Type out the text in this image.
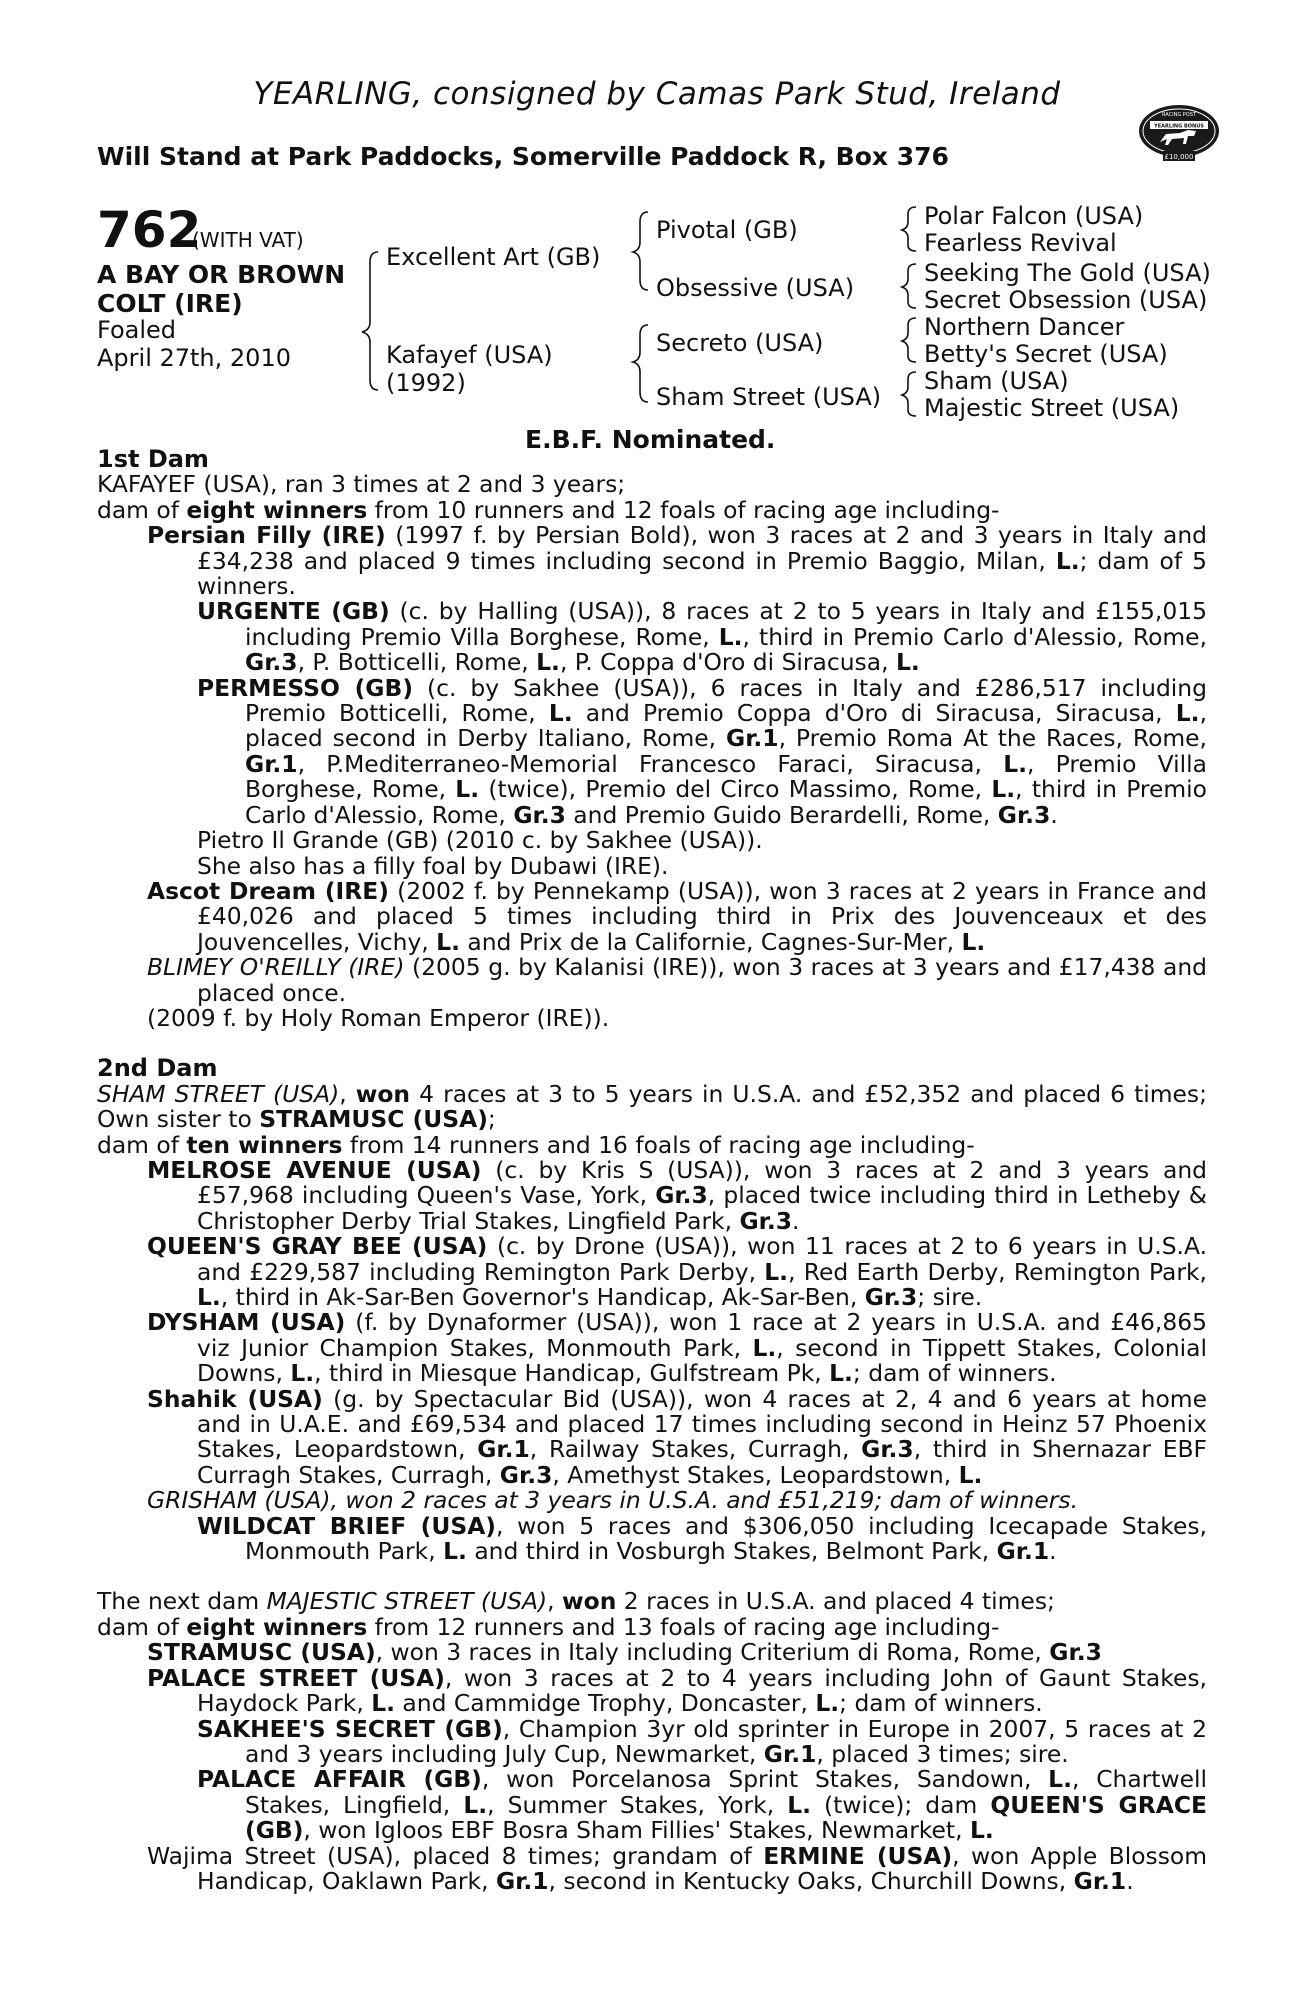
YEARLING, consigned by Camas Park Stud, Ireland
Will Stand at Park Paddocks, Somerville Paddock R, Box 376
RACING POST
YEARLING BONUS
£10,000
762
(WITH VAT)
A BAY OR BROWN COLT (IRE)
Foaled
April 27th, 2010
Excellent Art (GB)
Kafayef (USA)
(1992)
Pivotal (GB)
Obsessive (USA)
Secreto (USA)
Sham Street (USA)
Polar Falcon (USA)
Fearless Revival
Seeking The Gold (USA)
Secret Obsession (USA)
Northern Dancer
Betty's Secret (USA)
Sham (USA)
Majestic Street (USA)
E.B.F. Nominated.

1st Dam

KAFAYEF (USA), ran 3 times at 2 and 3 years;

dam of eight winners from 10 runners and 12 foals of racing age including-

Persian Filly (IRE) (1997 f. by Persian Bold), won 3 races at 2 and 3 years in Italy and £34,238 and placed 9 times including second in Premio Baggio, Milan, L.; dam of 5 winners.

URGENTE (GB) (c. by Halling (USA)), 8 races at 2 to 5 years in Italy and £155,015 including Premio Villa Borghese, Rome, L., third in Premio Carlo d'Alessio, Rome, Gr.3, P. Botticelli, Rome, L., P. Coppa d'Oro di Siracusa, L.

PERMESSO (GB) (c. by Sakhee (USA)), 6 races in Italy and £286,517 including Premio Botticelli, Rome, L. and Premio Coppa d'Oro di Siracusa, Siracusa, L., placed second in Derby Italiano, Rome, Gr.1, Premio Roma At the Races, Rome, Gr.1, P.Mediterraneo-Memorial Francesco Faraci, Siracusa, L., Premio Villa Borghese, Rome, L. (twice), Premio del Circo Massimo, Rome, L., third in Premio Carlo d'Alessio, Rome, Gr.3 and Premio Guido Berardelli, Rome, Gr.3.

Pietro Il Grande (GB) (2010 c. by Sakhee (USA)).

She also has a filly foal by Dubawi (IRE).

Ascot Dream (IRE) (2002 f. by Pennekamp (USA)), won 3 races at 2 years in France and £40,026 and placed 5 times including third in Prix des Jouvenceaux et des Jouvencelles, Vichy, L. and Prix de la Californie, Cagnes-Sur-Mer, L.

BLIMEY O'REILLY (IRE) (2005 g. by Kalanisi (IRE)), won 3 races at 3 years and £17,438 and placed once.

(2009 f. by Holy Roman Emperor (IRE)).

2nd Dam

SHAM STREET (USA), won 4 races at 3 to 5 years in U.S.A. and £52,352 and placed 6 times; Own sister to STRAMUSC (USA);

dam of ten winners from 14 runners and 16 foals of racing age including-

MELROSE AVENUE (USA) (c. by Kris S (USA)), won 3 races at 2 and 3 years and £57,968 including Queen's Vase, York, Gr.3, placed twice including third in Letheby & Christopher Derby Trial Stakes, Lingfield Park, Gr.3.

QUEEN'S GRAY BEE (USA) (c. by Drone (USA)), won 11 races at 2 to 6 years in U.S.A. and £229,587 including Remington Park Derby, L., Red Earth Derby, Remington Park, L., third in Ak-Sar-Ben Governor's Handicap, Ak-Sar-Ben, Gr.3; sire.

DYSHAM (USA) (f. by Dynaformer (USA)), won 1 race at 2 years in U.S.A. and £46,865 viz Junior Champion Stakes, Monmouth Park, L., second in Tippett Stakes, Colonial Downs, L., third in Miesque Handicap, Gulfstream Pk, L.; dam of winners.

Shahik (USA) (g. by Spectacular Bid (USA)), won 4 races at 2, 4 and 6 years at home and in U.A.E. and £69,534 and placed 17 times including second in Heinz 57 Phoenix Stakes, Leopardstown, Gr.1, Railway Stakes, Curragh, Gr.3, third in Shernazar EBF Curragh Stakes, Curragh, Gr.3, Amethyst Stakes, Leopardstown, L.

GRISHAM (USA), won 2 races at 3 years in U.S.A. and £51,219; dam of winners.

WILDCAT BRIEF (USA), won 5 races and $306,050 including Icecapade Stakes, Monmouth Park, L. and third in Vosburgh Stakes, Belmont Park, Gr.1.

The next dam MAJESTIC STREET (USA), won 2 races in U.S.A. and placed 4 times;

dam of eight winners from 12 runners and 13 foals of racing age including-

STRAMUSC (USA), won 3 races in Italy including Criterium di Roma, Rome, Gr.3

PALACE STREET (USA), won 3 races at 2 to 4 years including John of Gaunt Stakes, Haydock Park, L. and Cammidge Trophy, Doncaster, L.; dam of winners.

SAKHEE'S SECRET (GB), Champion 3yr old sprinter in Europe in 2007, 5 races at 2 and 3 years including July Cup, Newmarket, Gr.1, placed 3 times; sire.

PALACE AFFAIR (GB), won Porcelanosa Sprint Stakes, Sandown, L., Chartwell Stakes, Lingfield, L., Summer Stakes, York, L. (twice); dam QUEEN'S GRACE (GB), won Igloos EBF Bosra Sham Fillies' Stakes, Newmarket, L.

Wajima Street (USA), placed 8 times; grandam of ERMINE (USA), won Apple Blossom Handicap, Oaklawn Park, Gr.1, second in Kentucky Oaks, Churchill Downs, Gr.1.
